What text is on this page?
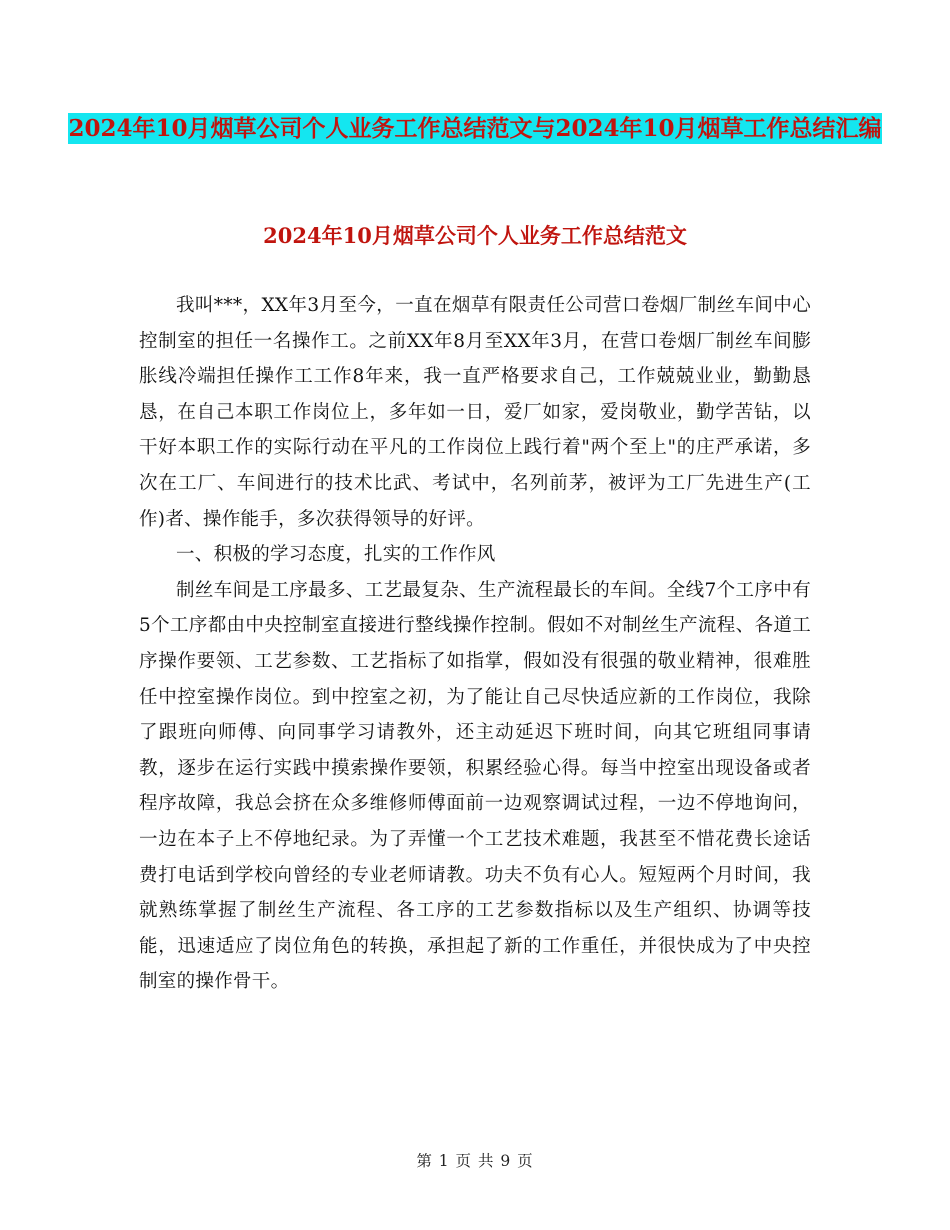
2024年10月烟草公司个人业务工作总结范文与2024年10月烟草工作总结汇编
2024年10月烟草公司个人业务工作总结范文

我叫***，XX年3月至今，一直在烟草有限责任公司营口卷烟厂制丝车间中心控制室的担任一名操作工。之前XX年8月至XX年3月，在营口卷烟厂制丝车间膨胀线冷端担任操作工工作8年来，我一直严格要求自己，工作兢兢业业，勤勤恳恳，在自己本职工作岗位上，多年如一日，爱厂如家，爱岗敬业，勤学苦钻，以干好本职工作的实际行动在平凡的工作岗位上践行着"两个至上"的庄严承诺，多次在工厂、车间进行的技术比武、考试中，名列前茅，被评为工厂先进生产(工作)者、操作能手，多次获得领导的好评。

一、积极的学习态度，扎实的工作作风

制丝车间是工序最多、工艺最复杂、生产流程最长的车间。全线7个工序中有5个工序都由中央控制室直接进行整线操作控制。假如不对制丝生产流程、各道工序操作要领、工艺参数、工艺指标了如指掌，假如没有很强的敬业精神，很难胜任中控室操作岗位。到中控室之初，为了能让自己尽快适应新的工作岗位，我除了跟班向师傅、向同事学习请教外，还主动延迟下班时间，向其它班组同事请教，逐步在运行实践中摸索操作要领，积累经验心得。每当中控室出现设备或者程序故障，我总会挤在众多维修师傅面前一边观察调试过程，一边不停地询问，一边在本子上不停地纪录。为了弄懂一个工艺技术难题，我甚至不惜花费长途话费打电话到学校向曾经的专业老师请教。功夫不负有心人。短短两个月时间，我就熟练掌握了制丝生产流程、各工序的工艺参数指标以及生产组织、协调等技能，迅速适应了岗位角色的转换，承担起了新的工作重任，并很快成为了中央控制室的操作骨干。

第 1 页 共 9 页
